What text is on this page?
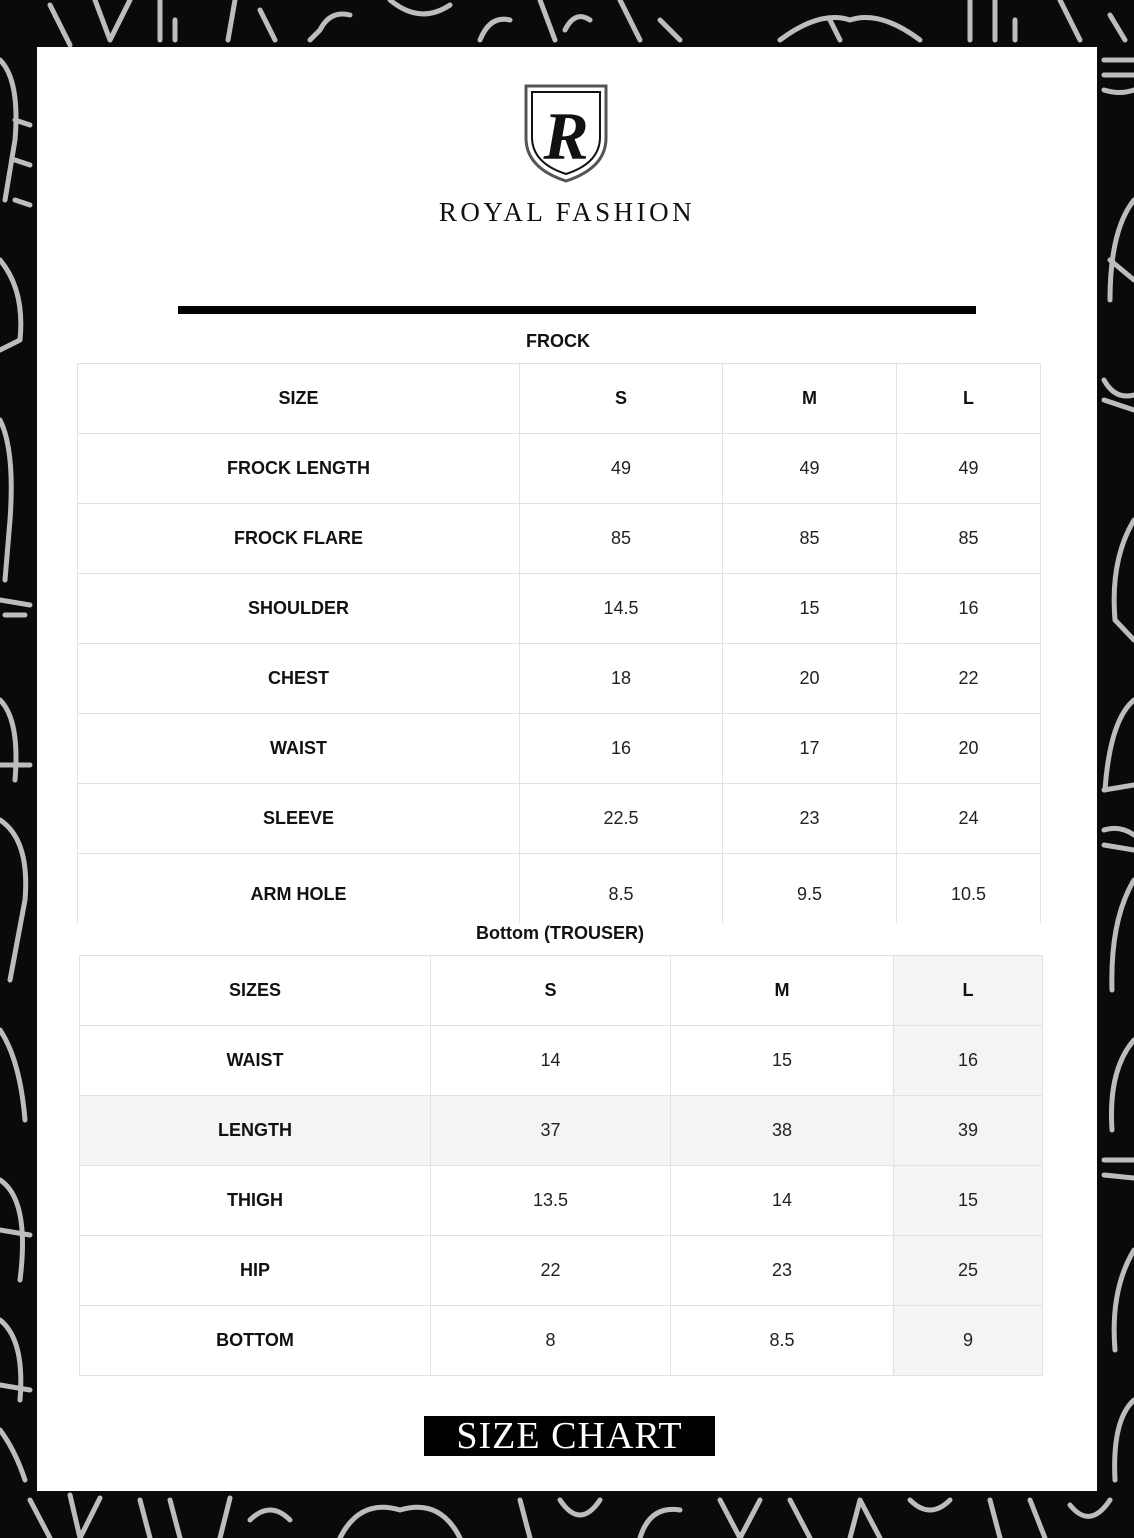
R
ROYAL FASHION
FROCK
SIZE	S	M	L
FROCK LENGTH	49	49	49
FROCK FLARE	85	85	85
SHOULDER	14.5	15	16
CHEST	18	20	22
WAIST	16	17	20
SLEEVE	22.5	23	24
ARM HOLE	8.5	9.5	10.5
Bottom (TROUSER)
SIZES	S	M	L
WAIST	14	15	16
LENGTH	37	38	39
THIGH	13.5	14	15
HIP	22	23	25
BOTTOM	8	8.5	9
SIZE CHART
